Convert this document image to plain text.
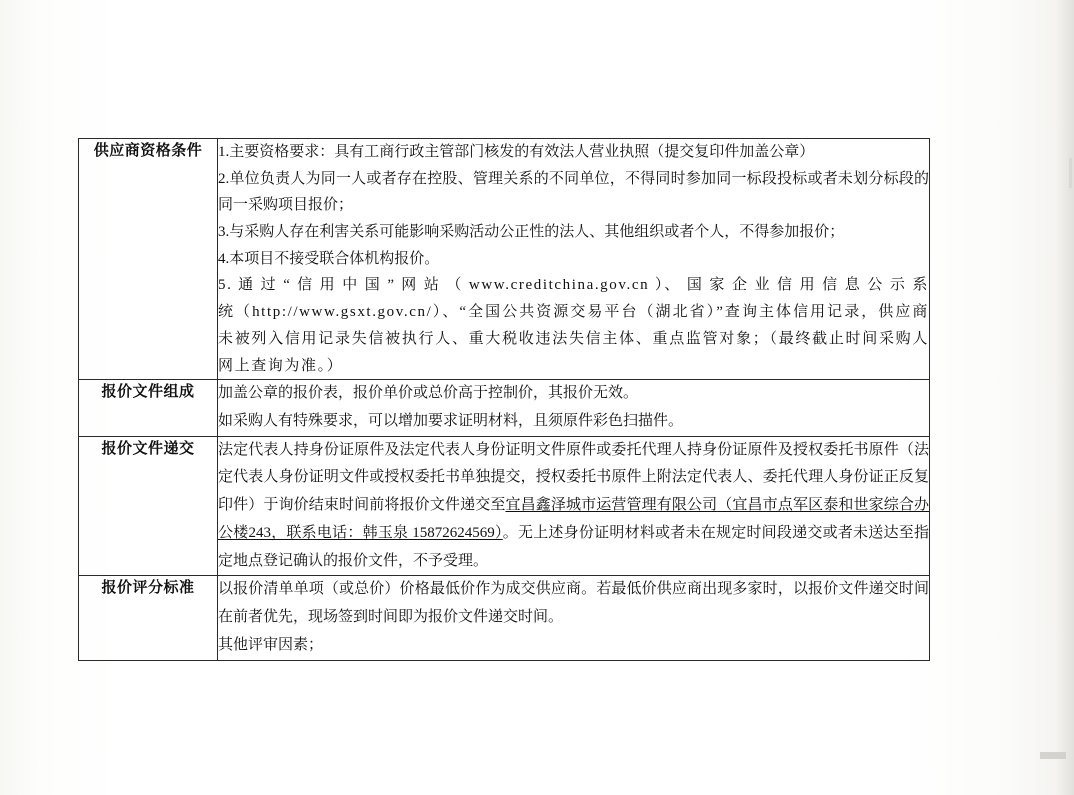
供应商资格条件	1.主要资格要求：具有工商行政主管部门核发的有效法人营业执照（提交复印件加盖公章）

2.单位负责人为同一人或者存在控股、管理关系的不同单位，不得同时参加同一标段投标或者未划分标段的同一采购项目报价；

3.与采购人存在利害关系可能影响采购活动公正性的法人、其他组织或者个人，不得参加报价；

4.本项目不接受联合体机构报价。

5. 通 过 “ 信 用 中 国 ” 网 站 （ www.creditchina.gov.cn ）、 国 家 企 业 信 用 信 息 公 示 系 统（http://www.gsxt.gov.cn/）、“全国公共资源交易平台（湖北省）”查询主体信用记录，供应商未被列入信用记录失信被执行人、重大税收违法失信主体、重点监管对象；（最终截止时间采购人网上查询为准。）

报价文件组成	加盖公章的报价表，报价单价或总价高于控制价，其报价无效。

如采购人有特殊要求，可以增加要求证明材料，且须原件彩色扫描件。

报价文件递交	法定代表人持身份证原件及法定代表人身份证明文件原件或委托代理人持身份证原件及授权委托书原件（法定代表人身份证明文件或授权委托书单独提交，授权委托书原件上附法定代表人、委托代理人身份证正反复印件）于询价结束时间前将报价文件递交至宜昌鑫泽城市运营管理有限公司（宜昌市点军区泰和世家综合办公楼243，联系电话：韩玉泉 15872624569）。无上述身份证明材料或者未在规定时间段递交或者未送达至指定地点登记确认的报价文件，不予受理。

报价评分标准	以报价清单单项（或总价）价格最低价作为成交供应商。若最低价供应商出现多家时，以报价文件递交时间在前者优先，现场签到时间即为报价文件递交时间。

其他评审因素；
